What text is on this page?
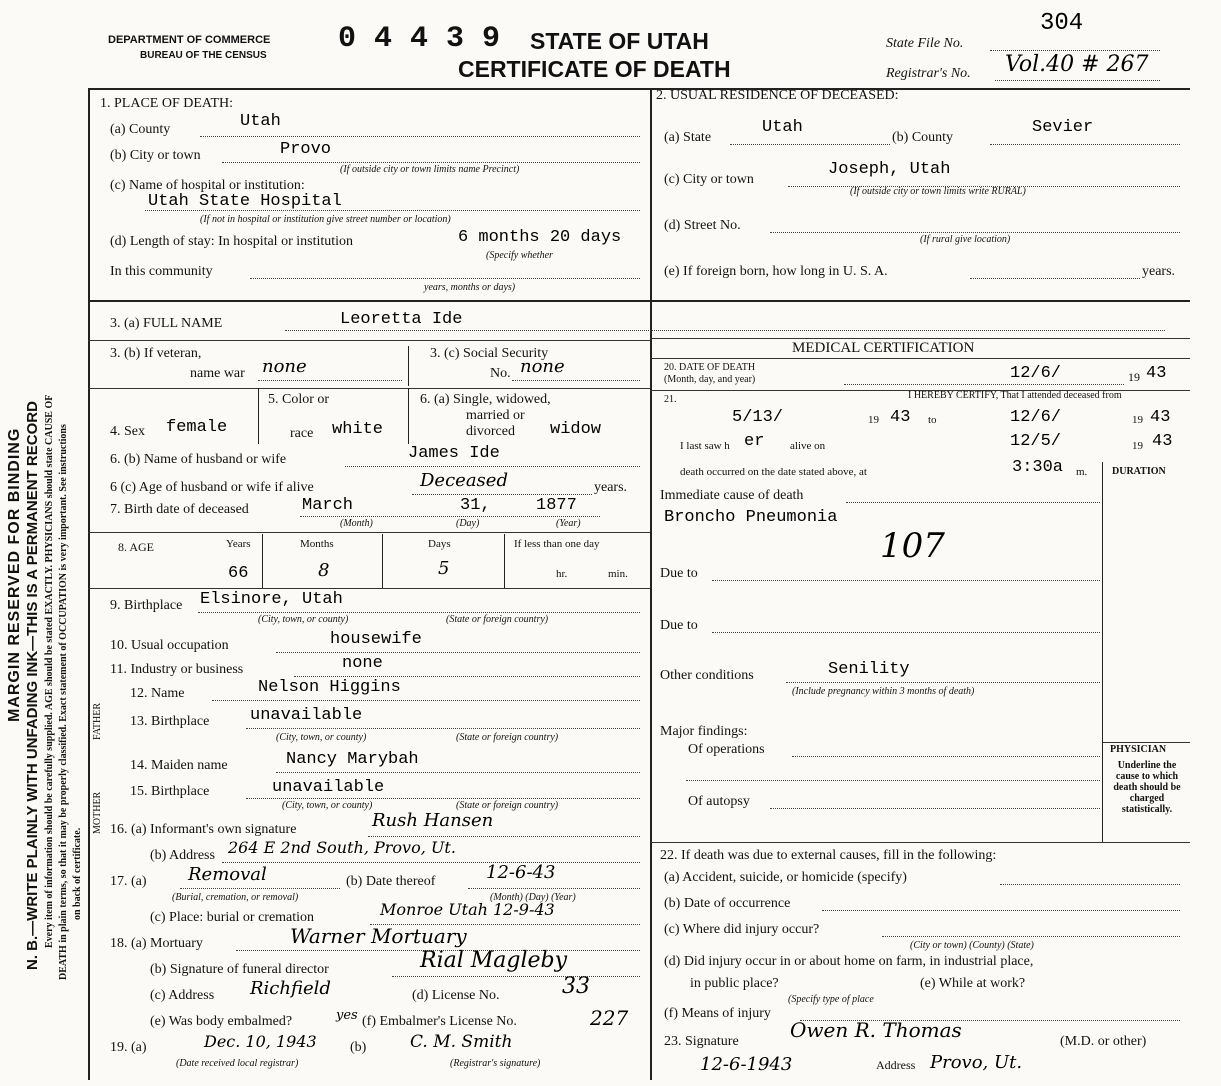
MARGIN RESERVED FOR BINDING N. B.—WRITE PLAINLY WITH UNFADING INK—THIS IS A PERMANENT RECORD Every item of information should be carefully supplied. AGE should be stated EXACTLY. PHYSICIANS should state CAUSE OF DEATH in plain terms, so that it may be properly classified. Exact statement of OCCUPATION is very important. See instructions on back of certificate.
DEPARTMENT OF COMMERCE
BUREAU OF THE CENSUS 0 4 4 3 9 STATE OF UTAH
CERTIFICATE OF DEATH
State File No.
304
Registrar's No. Vol.40 # 267
1. PLACE OF DEATH:
(a) County	Utah
(b) City or town	Provo
(If outside city or town limits name Precinct)
(c) Name of hospital or institution:
Utah State Hospital
(If not in hospital or institution give street number or location)
(d) Length of stay: In hospital or institution	6 months 20 days
(Specify whether
In this community
years, months or days)
2. USUAL RESIDENCE OF DECEASED:
(a) State
Utah
(b) County
Sevier
(c) City or town
Joseph, Utah
(If outside city or town limits write RURAL)
(d) Street No.
(If rural give location)
(e) If foreign born, how long in U. S. A.	years.
3. (a) FULL NAME	Leoretta Ide
3. (b) If veteran,
name war none
3. (c) Social Security
No. none
4. Sex female
5. Color or
race white
6. (a) Single, widowed,
married or
divorced widow
6. (b) Name of husband or wife	James Ide
6 (c) Age of husband or wife if alive	Deceased	years.
7. Birth date of deceased	March	31,	1877
(Month)	(Day)	(Year)
8. AGE	Years	Months	Days	If less than one day
66	8	5	hr.	min.
9. Birthplace Elsinore, Utah
(City, town, or county)	(State or foreign country)
10. Usual occupation	housewife
11. Industry or business	none
FATHER
MOTHER
12. Name	Nelson Higgins
13. Birthplace unavailable
(City, town, or county)	(State or foreign country)
14. Maiden name	Nancy Marybah
15. Birthplace	unavailable
(City, town, or county)	(State or foreign country)
16. (a) Informant's own signature	Rush Hansen
(b) Address 264 E 2nd South, Provo, Ut.
17. (a) Removal
(Burial, cremation, or removal)
(b) Date thereof	12-6-43
(Month) (Day) (Year)
(c) Place: burial or cremation	Monroe Utah 12-9-43
18. (a) Mortuary	Warner Mortuary
(b) Signature of funeral director	Rial Magleby
(c) Address Richfield	(d) License No.	33
(e) Was body embalmed?	yes (f) Embalmer's License No.	227
19. (a)	Dec. 10, 1943
(Date received local registrar)
(b)	C. M. Smith
(Registrar's signature)
MEDICAL CERTIFICATION
20. DATE OF DEATH
(Month, day, and year)	12/6/	19 43
21.	I HEREBY CERTIFY, That I attended deceased from
5/13/	19 43 to	12/6/	19 43
I last saw h er alive on	12/5/	19 43
death occurred on the date stated above, at	3:30a m. DURATION
Immediate cause of death
Broncho Pneumonia
107
Due to
Due to
Other conditions	Senility
(Include pregnancy within 3 months of death)
Major findings:
Of operations
Of autopsy
PHYSICIAN
Underline the cause to which death should be charged statistically.
22. If death was due to external causes, fill in the following:
(a) Accident, suicide, or homicide (specify)
(b) Date of occurrence
(c) Where did injury occur?
(City or town) (County) (State)
(d) Did injury occur in or about home on farm, in industrial place,
in public place?	(e) While at work?
(Specify type of place
(f) Means of injury
23. Signature	Owen R. Thomas	(M.D. or other)
12-6-1943	Address Provo, Ut.
